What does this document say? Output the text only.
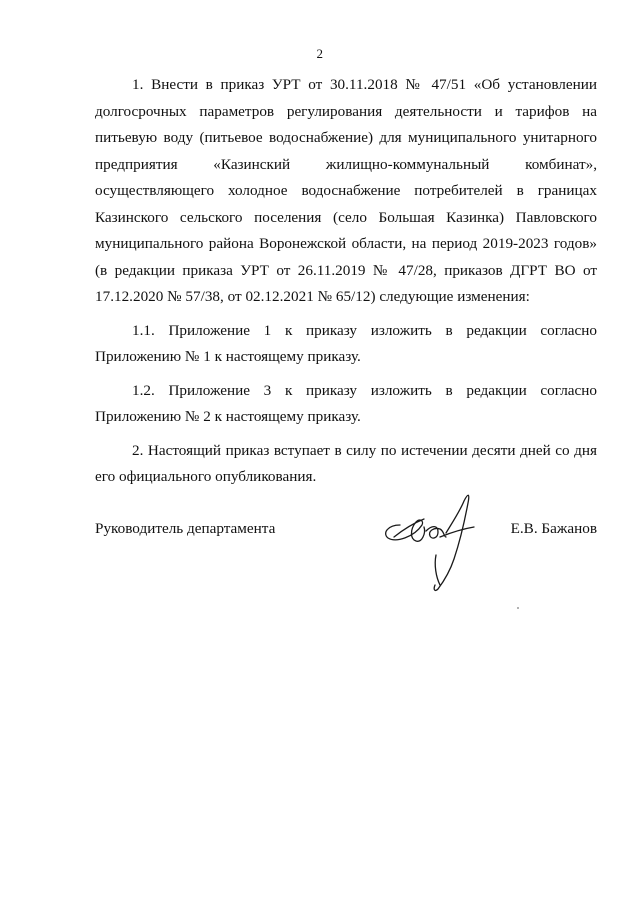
2

1. Внести в приказ УРТ от 30.11.2018 № 47/51 «Об установлении долгосрочных параметров регулирования деятельности и тарифов на питьевую воду (питьевое водоснабжение) для муниципального унитарного предприятия «Казинский жилищно-коммунальный комбинат», осуществляющего холодное водоснабжение потребителей в границах Казинского сельского поселения (село Большая Казинка) Павловского муниципального района Воронежской области, на период 2019-2023 годов» (в редакции приказа УРТ от 26.11.2019 № 47/28, приказов ДГРТ ВО от 17.12.2020 № 57/38, от 02.12.2021 № 65/12) следующие изменения:

1.1. Приложение 1 к приказу изложить в редакции согласно Приложению № 1 к настоящему приказу.

1.2. Приложение 3 к приказу изложить в редакции согласно Приложению № 2 к настоящему приказу.

2. Настоящий приказ вступает в силу по истечении десяти дней со дня его официального опубликования.

Руководитель департамента	Е.В. Бажанов
